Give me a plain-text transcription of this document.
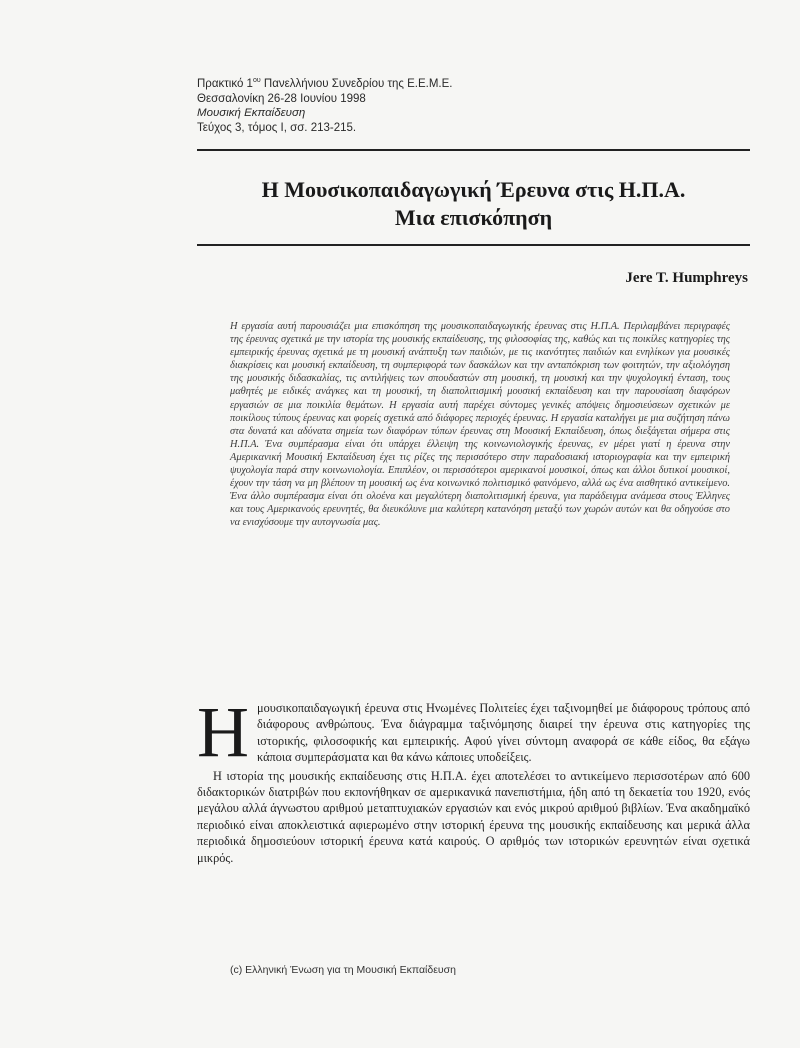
Πρακτικό $1^{o\upsilon}$ Πανελλήνιου Συνεδρίου της Ε.Ε.Μ.Ε.
Θεσσαλονίκη 26-28 Ιουνίου 1998
Μουσική Εκπαίδευση
Τεύχος 3, τόμος Ι, σσ. 213-215.
Η Μουσικοπαιδαγωγική Έρευνα στις Η.Π.Α.
Μια επισκόπηση
Jere T. Humphreys
Η εργασία αυτή παρουσιάζει μια επισκόπηση της μουσικοπαιδαγωγικής έρευνας στις Η.Π.Α. Περιλαμβάνει περιγραφές της έρευνας σχετικά με την ιστορία της μουσικής εκπαίδευσης, της φιλοσοφίας της, καθώς και τις ποικίλες κατηγορίες της εμπειρικής έρευνας σχετικά με τη μουσική ανάπτυξη των παιδιών, με τις ικανότητες παιδιών και ενηλίκων για μουσικές διακρίσεις και μουσική εκπαίδευση, τη συμπεριφορά των δασκάλων και την ανταπόκριση των φοιτητών, την αξιολόγηση της μουσικής διδασκαλίας, τις αντιλήψεις των σπουδαστών στη μουσική, τη μουσική και την ψυχολογική ένταση, τους μαθητές με ειδικές ανάγκες και τη μουσική, τη διαπολιτισμική μουσική εκπαίδευση και την παρουσίαση διαφόρων εργασιών σε μια ποικιλία θεμάτων. Η εργασία αυτή παρέχει σύντομες γενικές απόψεις δημοσιεύσεων σχετικών με ποικίλους τύπους έρευνας και φορείς σχετικά από διάφορες περιοχές έρευνας. Η εργασία καταλήγει με μια συζήτηση πάνω στα δυνατά και αδύνατα σημεία των διαφόρων τύπων έρευνας στη Μουσική Εκπαίδευση, όπως διεξάγεται σήμερα στις Η.Π.Α. Ένα συμπέρασμα είναι ότι υπάρχει έλλειψη της κοινωνιολογικής έρευνας, εν μέρει γιατί η έρευνα στην Αμερικανική Μουσική Εκπαίδευση έχει τις ρίζες της περισσότερο στην παραδοσιακή ιστοριογραφία και την εμπειρική ψυχολογία παρά στην κοινωνιολογία. Επιπλέον, οι περισσότεροι αμερικανοί μουσικοί, όπως και άλλοι δυτικοί μουσικοί, έχουν την τάση να μη βλέπουν τη μουσική ως ένα κοινωνικό πολιτισμικό φαινόμενο, αλλά ως ένα αισθητικό αντικείμενο. Ένα άλλο συμπέρασμα είναι ότι ολοένα και μεγαλύτερη διαπολιτισμική έρευνα, για παράδειγμα ανάμεσα στους Έλληνες και τους Αμερικανούς ερευνητές, θα διευκόλυνε μια καλύτερη κατανόηση μεταξύ των χωρών αυτών και θα οδηγούσε στο να ενισχύσουμε την αυτογνωσία μας.

Ημουσικοπαιδαγωγική έρευνα στις Ηνωμένες Πολιτείες έχει ταξινομηθεί με διάφορους τρόπους από διάφορους ανθρώπους. Ένα διάγραμμα ταξινόμησης διαιρεί την έρευνα στις κατηγορίες της ιστορικής, φιλοσοφικής και εμπειρικής. Αφού γίνει σύντομη αναφορά σε κάθε είδος, θα εξάγω κάποια συμπεράσματα και θα κάνω κάποιες υποδείξεις.

Η ιστορία της μουσικής εκπαίδευσης στις Η.Π.Α. έχει αποτελέσει το αντικείμενο περισσοτέρων από 600 διδακτορικών διατριβών που εκπονήθηκαν σε αμερικανικά πανεπιστήμια, ήδη από τη δεκαετία του 1920, ενός μεγάλου αλλά άγνωστου αριθμού μεταπτυχιακών εργασιών και ενός μικρού αριθμού βιβλίων. Ένα ακαδημαϊκό περιοδικό είναι αποκλειστικά αφιερωμένο στην ιστορική έρευνα της μουσικής εκπαίδευσης και μερικά άλλα περιοδικά δημοσιεύουν ιστορική έρευνα κατά καιρούς. Ο αριθμός των ιστορικών ερευνητών είναι σχετικά μικρός.

(c) Ελληνική Ένωση για τη Μουσική Εκπαίδευση
